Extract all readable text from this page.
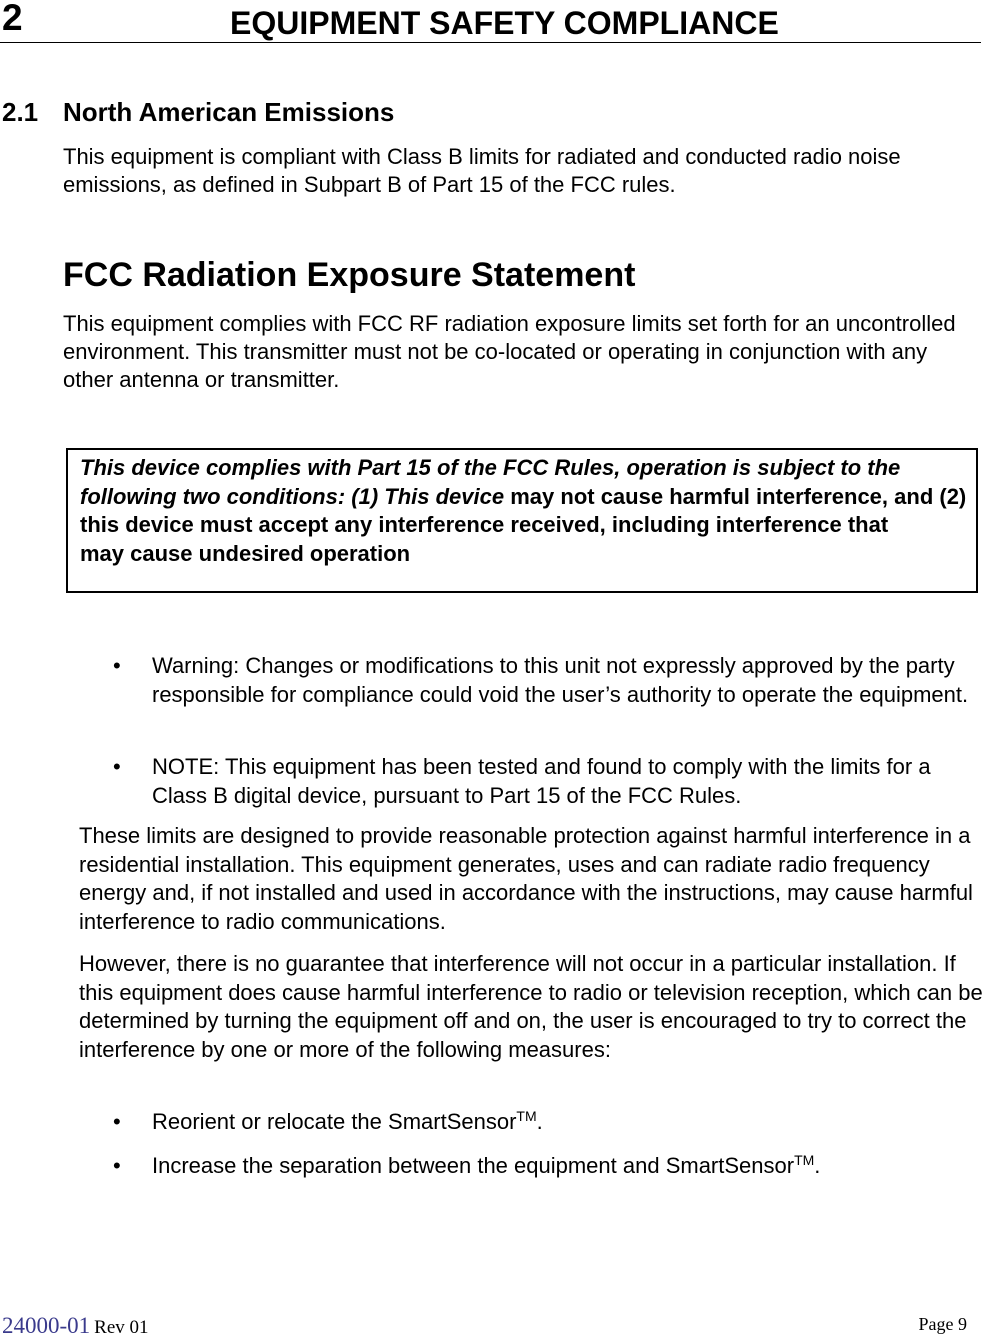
2	EQUIPMENT SAFETY COMPLIANCE
2.1 North American Emissions

This equipment is compliant with Class B limits for radiated and conducted radio noise emissions, as defined in Subpart B of Part 15 of the FCC rules.

FCC Radiation Exposure Statement

This equipment complies with FCC RF radiation exposure limits set forth for an uncontrolled environment. This transmitter must not be co-located or operating in conjunction with any other antenna or transmitter.

This device complies with Part 15 of the FCC Rules, operation is subject to the following two conditions: (1) This device may not cause harmful interference, and (2) this device must accept any interference received, including interference that

may cause undesired operation

• Warning: Changes or modifications to this unit not expressly approved by the party responsible for compliance could void the user’s authority to operate the equipment.

• NOTE: This equipment has been tested and found to comply with the limits for a Class B digital device, pursuant to Part 15 of the FCC Rules.

These limits are designed to provide reasonable protection against harmful interference in a residential installation. This equipment generates, uses and can radiate radio frequency energy and, if not installed and used in accordance with the instructions, may cause harmful interference to radio communications.

However, there is no guarantee that interference will not occur in a particular installation. If this equipment does cause harmful interference to radio or television reception, which can be determined by turning the equipment off and on, the user is encouraged to try to correct the interference by one or more of the following measures:

• Reorient or relocate the SmartSensor™.

• Increase the separation between the equipment and SmartSensor™.

24000-01 Rev 01	Page 9
